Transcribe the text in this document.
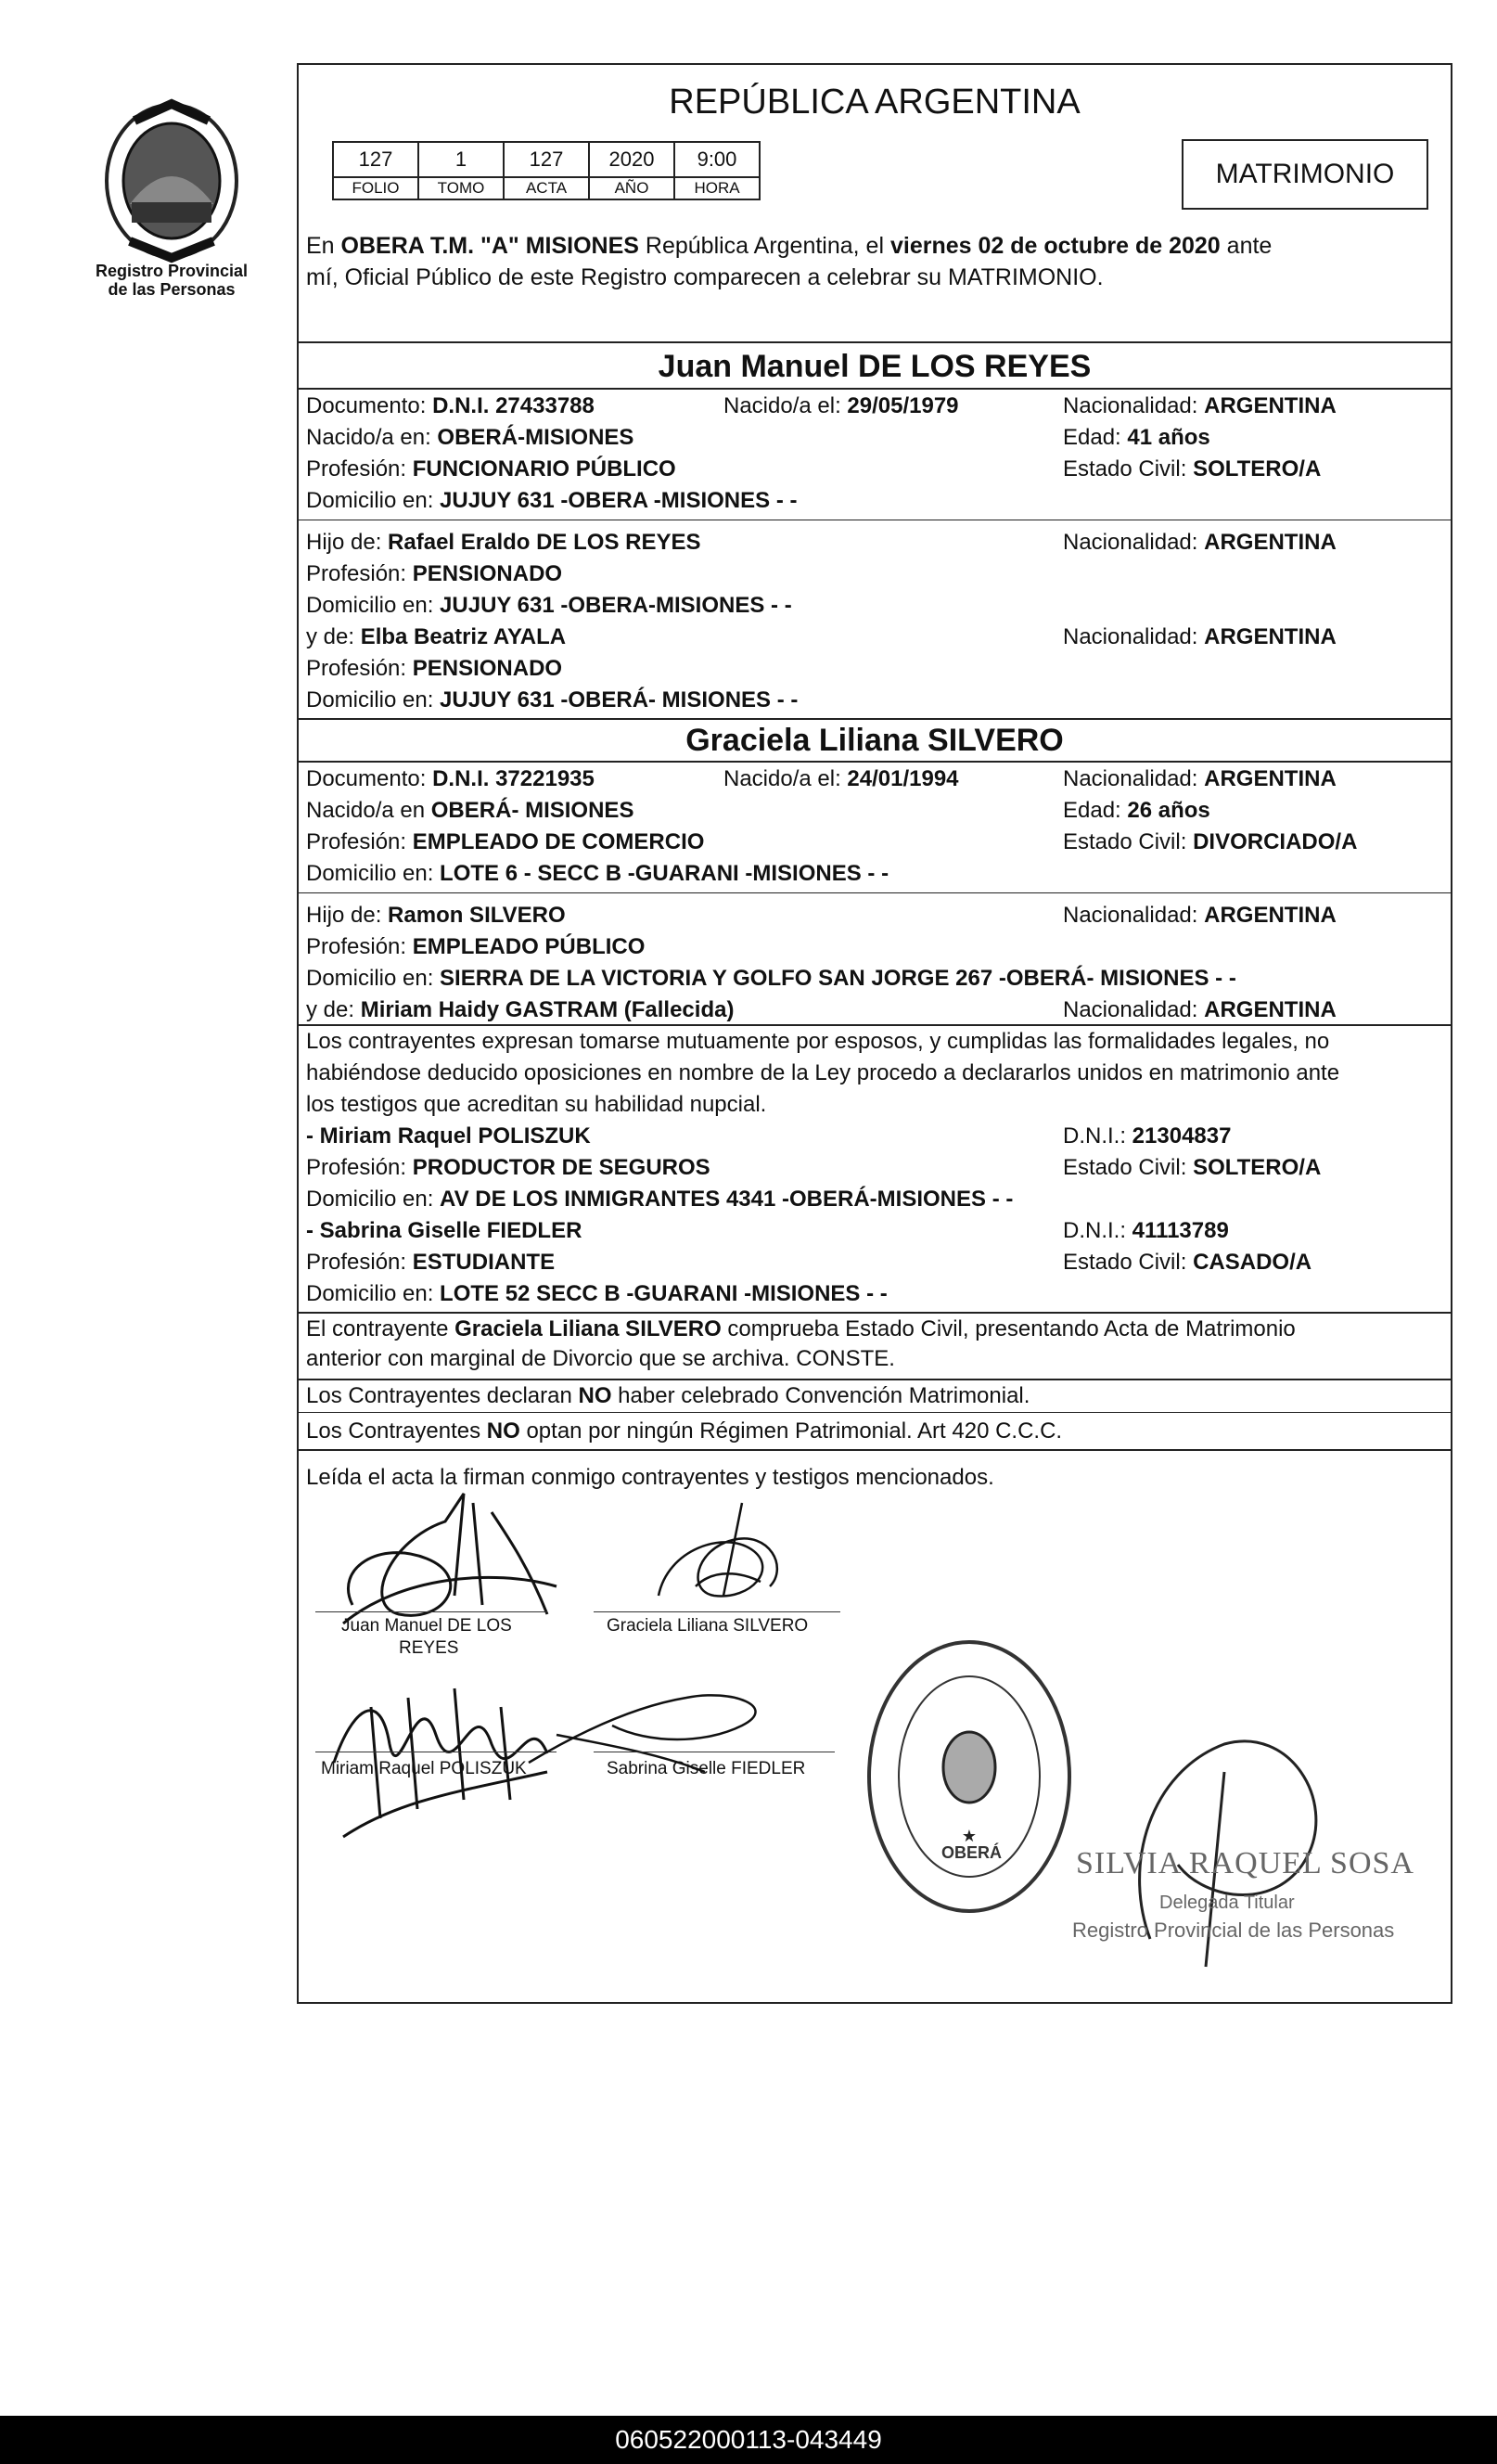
Registro Provincial
de las Personas
REPÚBLICA ARGENTINA
127	1	127	2020	9:00
FOLIO	TOMO	ACTA	AÑO	HORA	MATRIMONIO
En OBERA T.M. "A" MISIONES República Argentina, el viernes 02 de octubre de 2020 ante
mí, Oficial Público de este Registro comparecen a celebrar su MATRIMONIO.
Juan Manuel DE LOS REYES
Documento: D.N.I. 27433788	Nacido/a el: 29/05/1979	Nacionalidad: ARGENTINA
Nacido/a en: OBERÁ-MISIONES	Edad: 41 años
Profesión: FUNCIONARIO PÚBLICO	Estado Civil: SOLTERO/A
Domicilio en: JUJUY 631 -OBERA -MISIONES - -
Hijo de: Rafael Eraldo DE LOS REYES	Nacionalidad: ARGENTINA
Profesión: PENSIONADO
Domicilio en: JUJUY 631 -OBERA-MISIONES - -
y de: Elba Beatriz AYALA	Nacionalidad: ARGENTINA
Profesión: PENSIONADO
Domicilio en: JUJUY 631 -OBERÁ- MISIONES - -
Graciela Liliana SILVERO
Documento: D.N.I. 37221935	Nacido/a el: 24/01/1994	Nacionalidad: ARGENTINA
Nacido/a en OBERÁ- MISIONES	Edad: 26 años
Profesión: EMPLEADO DE COMERCIO	Estado Civil: DIVORCIADO/A
Domicilio en: LOTE 6 - SECC B -GUARANI -MISIONES - -
Hijo de: Ramon SILVERO	Nacionalidad: ARGENTINA
Profesión: EMPLEADO PÚBLICO
Domicilio en: SIERRA DE LA VICTORIA Y GOLFO SAN JORGE 267 -OBERÁ- MISIONES - -
y de: Miriam Haidy GASTRAM (Fallecida)	Nacionalidad: ARGENTINA
Los contrayentes expresan tomarse mutuamente por esposos, y cumplidas las formalidades legales, no
habiéndose deducido oposiciones en nombre de la Ley procedo a declararlos unidos en matrimonio ante
los testigos que acreditan su habilidad nupcial.
- Miriam Raquel POLISZUK	D.N.I.: 21304837
Profesión: PRODUCTOR DE SEGUROS	Estado Civil: SOLTERO/A
Domicilio en: AV DE LOS INMIGRANTES 4341 -OBERÁ-MISIONES - -
- Sabrina Giselle FIEDLER	D.N.I.: 41113789
Profesión: ESTUDIANTE	Estado Civil: CASADO/A
Domicilio en: LOTE 52 SECC B -GUARANI -MISIONES - -
El contrayente Graciela Liliana SILVERO comprueba Estado Civil, presentando Acta de Matrimonio
anterior con marginal de Divorcio que se archiva. CONSTE.
Los Contrayentes declaran NO haber celebrado Convención Matrimonial.
Los Contrayentes NO optan por ningún Régimen Patrimonial. Art 420 C.C.C.
Leída el acta la firman conmigo contrayentes y testigos mencionados.
Juan Manuel DE LOS
REYES
Graciela Liliana SILVERO
Miriam Raquel POLISZUK	Sabrina Giselle FIEDLER
★
OBERÁ SILVIA RAQUEL SOSA
Delegada Titular
Registro Provincial de las Personas
060522000113-043449
